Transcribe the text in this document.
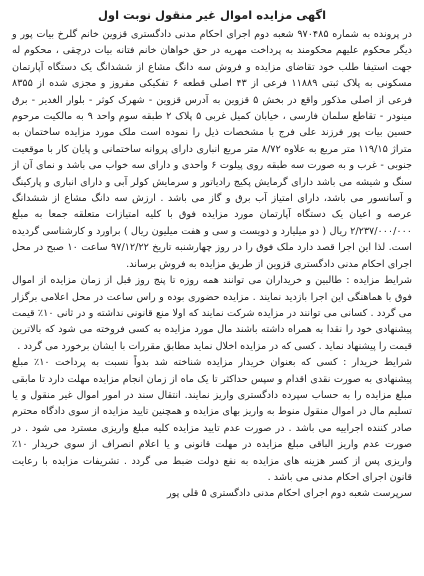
اگهی مزایده اموال غیر منقول نوبت اول

در پرونده به شماره ۹۷۰۴۸۵ شعبه دوم اجرای احکام مدنی دادگستری قزوین خانم گلرخ بیات پور و دیگر محکوم علیهم محکومند به پرداخت مهریه در حق خواهان خانم فتانه بیات درچقی ، محکوم له جهت استیفا طلب خود تقاضای مزایده و فروش سه دانگ مشاع از ششدانگ یک دستگاه آپارتمان مسکونی به پلاک ثبتی ۱۱۸۸۹ فرعی از ۴۳ اصلی قطعه ۶ تفکیکی مفروز و مجزی شده از ۸۳۵۵ فرعی از اصلی مذکور واقع در بخش ۵ قزوین به آدرس قزوین - شهرک کوثر - بلوار الغدیر - برق مینودر - تقاطع سلمان فارسی ، خیابان کمیل غربی ۵ پلاک ۲ طبقه سوم واحد ۹ به مالکیت مرحوم حسین بیات پور فرزند علی فرج با مشخصات ذیل را نموده است ملک مورد مزایده ساختمان به متراژ ۱۱۹/۱۵ متر مربع به علاوه ۸/۷۲ متر مربع انباری دارای پروانه ساختمانی و پایان کار با موقعیت جنوبی - غرب و به صورت سه طبقه روی پیلوت ۶ واحدی و دارای سه خواب می باشد و نمای آن از سنگ و شیشه می باشد دارای گرمایش پکیج رادیاتور و سرمایش کولر آبی و دارای انباری و پارکینگ و آسانسور می باشد، دارای امتیاز آب برق و گاز می باشد . ارزش سه دانگ مشاع از ششدانگ عرصه و اعیان یک دستگاه آپارتمان مورد مزایده فوق با کلیه امتیازات متعلقه جمعا به مبلغ ۲/۲۳۷/۰۰۰/۰۰۰ ریال ( دو میلیارد و دویست و سی و هفت میلیون ریال ) براورد و کارشناسی گردیده است. لذا این اجرا قصد دارد ملک فوق را در روز چهارشنبه تاریخ ۹۷/۱۲/۲۲ ساعت ۱۰ صبح در محل اجرای احکام مدنی دادگستری قزوین از طریق مزایده به فروش برساند.

شرایط مزایده : طالبین و خریداران می توانند همه روزه تا پنج روز قبل از زمان مزایده از اموال فوق با هماهنگی این اجرا بازدید نمایند . مزایده حضوری بوده و راس ساعت در محل اعلامی برگزار می گردد . کسانی می توانند در مزایده شرکت نمایند که اولا منع قانونی نداشته و در ثانی ۱۰٪ قیمت پیشنهادی خود را نقدا به همراه داشته باشند مال مورد مزایده به کسی فروخته می شود که بالاترین قیمت را پیشنهاد نماید . کسی که در مزایده اخلال نماید مطابق مقررات با ایشان برخورد می گردد .

شرایط خریدار : کسی که بعنوان خریدار مزایده شناخته شد بدواً نسبت به پرداخت ۱۰٪ مبلغ پیشنهادی به صورت نقدی اقدام و سپس حداکثر تا یک ماه از زمان انجام مزایده مهلت دارد تا مابقی مبلغ مزایده را به حساب سپرده دادگستری واریز نمایند. انتقال سند در امور اموال غیر منقول و یا تسلیم مال در اموال منقول منوط به واریز بهای مزایده و همچنین تایید مزایده از سوی دادگاه محترم صادر کننده اجراییه می باشد . در صورت عدم تایید مزایده کلیه مبلغ واریزی مسترد می شود . در صورت عدم واریز الباقی مبلغ مزایده در مهلت قانونی و یا اعلام انصراف از سوی خریدار ۱۰٪ واریزی پس از کسر هزینه های مزایده به نفع دولت ضبط می گردد . تشریفات مزایده با رعایت قانون اجرای احکام مدنی می باشد .

سرپرست شعبه دوم اجرای احکام مدنی دادگستری ۵ قلی پور
